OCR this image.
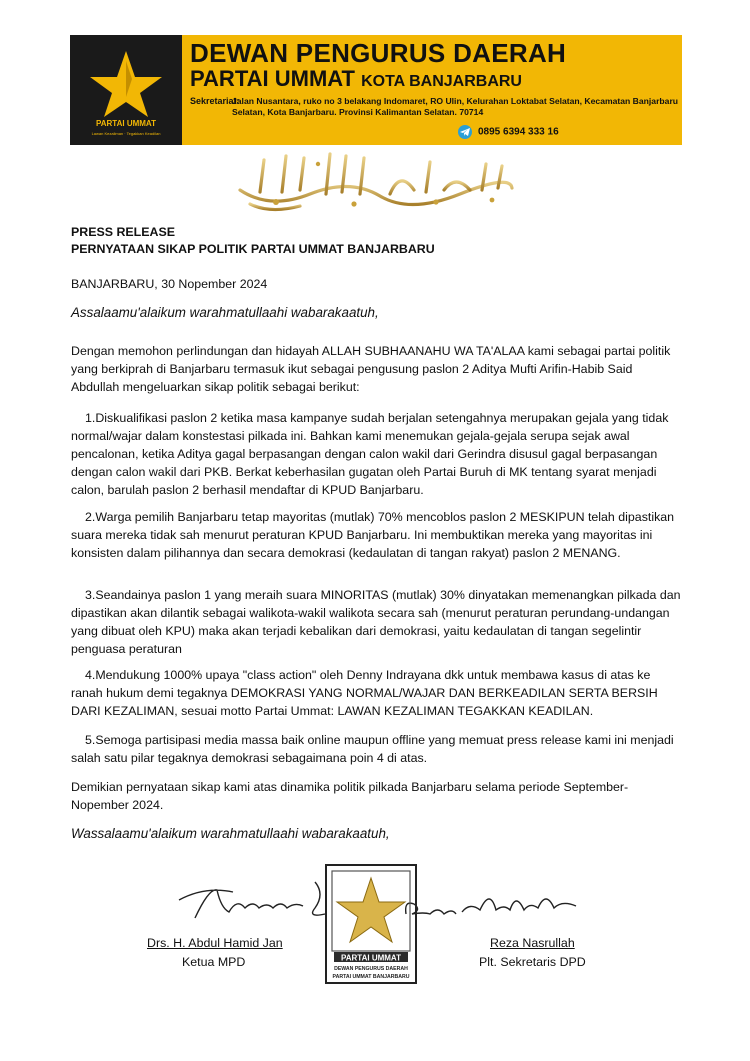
PARTAI UMMAT
Lawan Kezaliman · Tegakkan Keadilan
DEWAN PENGURUS DAERAH
PARTAI UMMAT KOTA BANJARBARU
Sekretariat:
Jalan Nusantara, ruko no 3 belakang Indomaret, RO Ulin, Kelurahan Loktabat Selatan, Kecamatan Banjarbaru Selatan, Kota Banjarbaru. Provinsi Kalimantan Selatan. 70714
0895 6394 333 16
PRESS RELEASE
PERNYATAAN SIKAP POLITIK PARTAI UMMAT BANJARBARU
BANJARBARU, 30 Nopember 2024
Assalaamu'alaikum warahmatullaahi wabarakaatuh,
Dengan memohon perlindungan dan hidayah ALLAH SUBHAANAHU WA TA'ALAA kami sebagai partai politik yang berkiprah di Banjarbaru termasuk ikut sebagai pengusung paslon 2 Aditya Mufti Arifin-Habib Said Abdullah mengeluarkan sikap politik sebagai berikut:
1.Diskualifikasi paslon 2 ketika masa kampanye sudah berjalan setengahnya merupakan gejala yang tidak normal/wajar dalam konstestasi pilkada ini. Bahkan kami menemukan gejala-gejala serupa sejak awal pencalonan, ketika Aditya gagal berpasangan dengan calon wakil dari Gerindra disusul gagal berpasangan dengan calon wakil dari PKB. Berkat keberhasilan gugatan oleh Partai Buruh di MK tentang syarat menjadi calon, barulah paslon 2 berhasil mendaftar di KPUD Banjarbaru.
2.Warga pemilih Banjarbaru tetap mayoritas (mutlak) 70% mencoblos paslon 2 MESKIPUN telah dipastikan suara mereka tidak sah menurut peraturan KPUD Banjarbaru. Ini membuktikan mereka yang mayoritas ini konsisten dalam pilihannya dan secara demokrasi (kedaulatan di tangan rakyat) paslon 2 MENANG.
3.Seandainya paslon 1 yang meraih suara MINORITAS (mutlak) 30% dinyatakan memenangkan pilkada dan dipastikan akan dilantik sebagai walikota-wakil walikota secara sah (menurut peraturan perundang-undangan yang dibuat oleh KPU) maka akan terjadi kebalikan dari demokrasi, yaitu kedaulatan di tangan segelintir penguasa peraturan
4.Mendukung 1000% upaya "class action" oleh Denny Indrayana dkk untuk membawa kasus di atas ke ranah hukum demi tegaknya DEMOKRASI YANG NORMAL/WAJAR DAN BERKEADILAN SERTA BERSIH DARI KEZALIMAN, sesuai motto Partai Ummat: LAWAN KEZALIMAN TEGAKKAN KEADILAN.
5.Semoga partisipasi media massa baik online maupun offline yang memuat press release kami ini menjadi salah satu pilar tegaknya demokrasi sebagaimana poin 4 di atas.
Demikian pernyataan sikap kami atas dinamika politik pilkada Banjarbaru selama periode September-Nopember 2024.
Wassalaamu'alaikum warahmatullaahi wabarakaatuh,
PARTAI UMMAT
DEWAN PENGURUS DAERAH
PARTAI UMMAT BANJARBARU
Drs. H. Abdul Hamid Jan
Ketua MPD
Reza Nasrullah
Plt. Sekretaris DPD
